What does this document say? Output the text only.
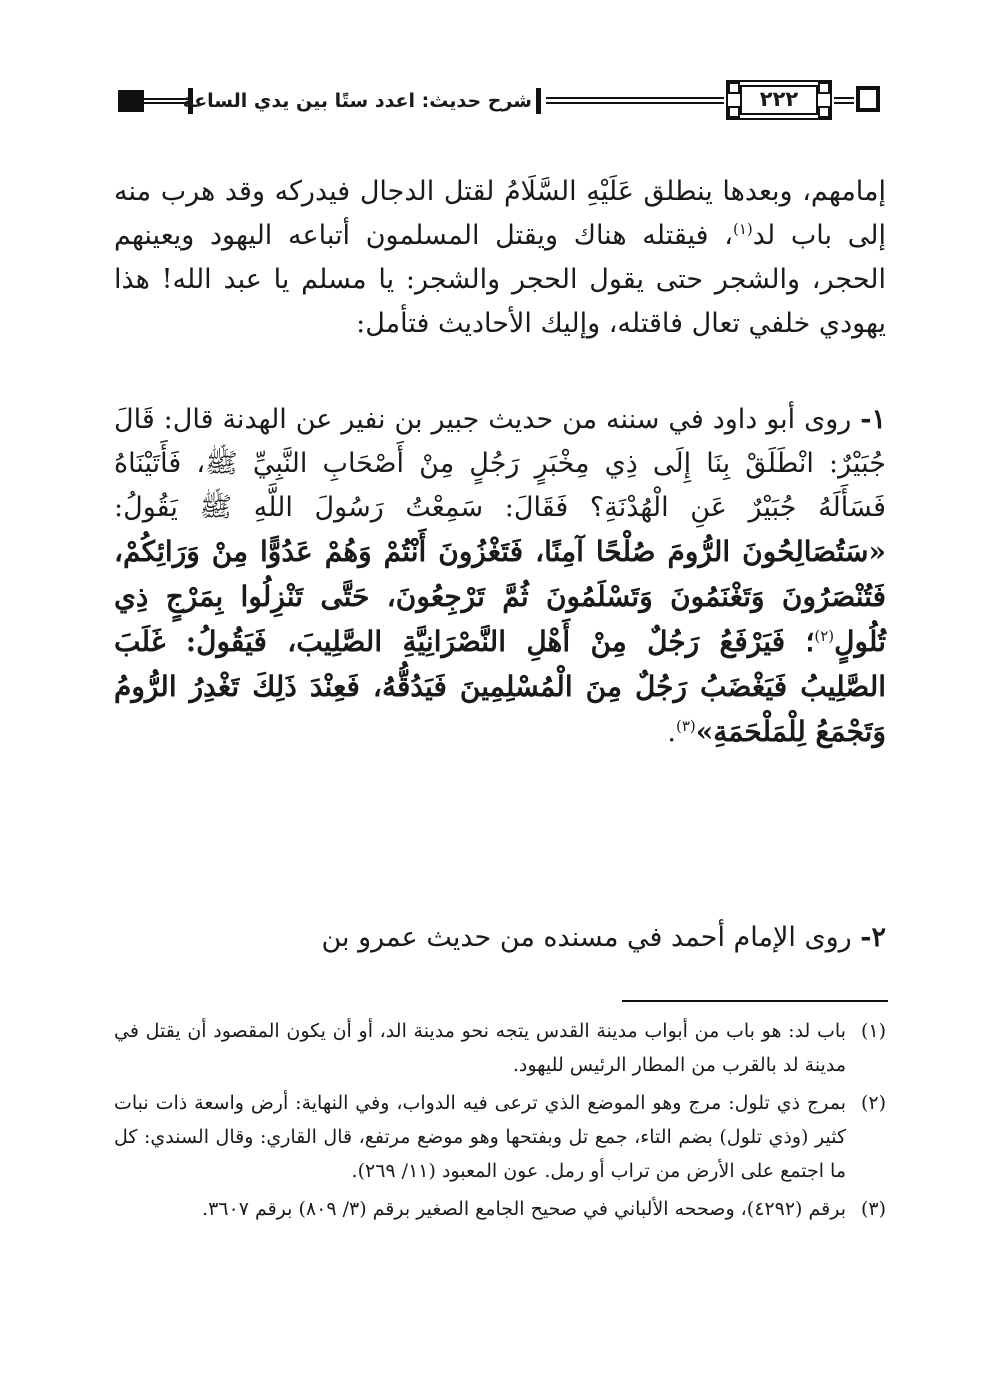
شرح حديث: اعدد ستًا بين يدي الساعة	٢٢٢
إمامهم، وبعدها ينطلق عَلَيْهِ السَّلَامُ لقتل الدجال فيدركه وقد هرب منه إلى باب لد$^{(١)}$، فيقتله هناك ويقتل المسلمون أتباعه اليهود ويعينهم الحجر، والشجر حتى يقول الحجر والشجر: يا مسلم يا عبد الله! هذا يهودي خلفي تعال فاقتله، وإليك الأحاديث فتأمل:
١- روى أبو داود في سننه من حديث جبير بن نفير عن الهدنة قال: قَالَ جُبَيْرٌ: انْطَلَقْ بِنَا إِلَى ذِي مِخْبَرٍ رَجُلٍ مِنْ أَصْحَابِ النَّبِيِّ ﷺ، فَأَتَيْنَاهُ فَسَأَلَهُ جُبَيْرٌ عَنِ الْهُدْنَةِ؟ فَقَالَ: سَمِعْتُ رَسُولَ اللَّهِ ﷺ يَقُولُ: «سَتُصَالِحُونَ الرُّومَ صُلْحًا آمِنًا، فَتَغْزُونَ أَنْتُمْ وَهُمْ عَدُوًّا مِنْ وَرَائِكُمْ، فَتُنْصَرُونَ وَتَغْنَمُونَ وَتَسْلَمُونَ ثُمَّ تَرْجِعُونَ، حَتَّى تَنْزِلُوا بِمَرْجٍ ذِي تُلُولٍ$^{(٢)}$؛ فَيَرْفَعُ رَجُلٌ مِنْ أَهْلِ النَّصْرَانِيَّةِ الصَّلِيبَ، فَيَقُولُ: غَلَبَ الصَّلِيبُ فَيَغْضَبُ رَجُلٌ مِنَ الْمُسْلِمِينَ فَيَدُقُّهُ، فَعِنْدَ ذَلِكَ تَغْدِرُ الرُّومُ وَتَجْمَعُ لِلْمَلْحَمَةِ»$^{(٣)}$.
٢- روى الإمام أحمد في مسنده من حديث عمرو بن
(١)
باب لد: هو باب من أبواب مدينة القدس يتجه نحو مدينة الد، أو أن يكون المقصود أن يقتل في مدينة لد بالقرب من المطار الرئيس لليهود.
(٢)
بمرج ذي تلول: مرج وهو الموضع الذي ترعى فيه الدواب، وفي النهاية: أرض واسعة ذات نبات كثير (وذي تلول) بضم التاء، جمع تل وبفتحها وهو موضع مرتفع، قال القاري: وقال السندي: كل ما اجتمع على الأرض من تراب أو رمل. عون المعبود (١١/ ٢٦٩).
(٣)
برقم (٤٢٩٢)، وصححه الألباني في صحيح الجامع الصغير برقم (٣/ ٨٠٩) برقم ٣٦٠٧.
